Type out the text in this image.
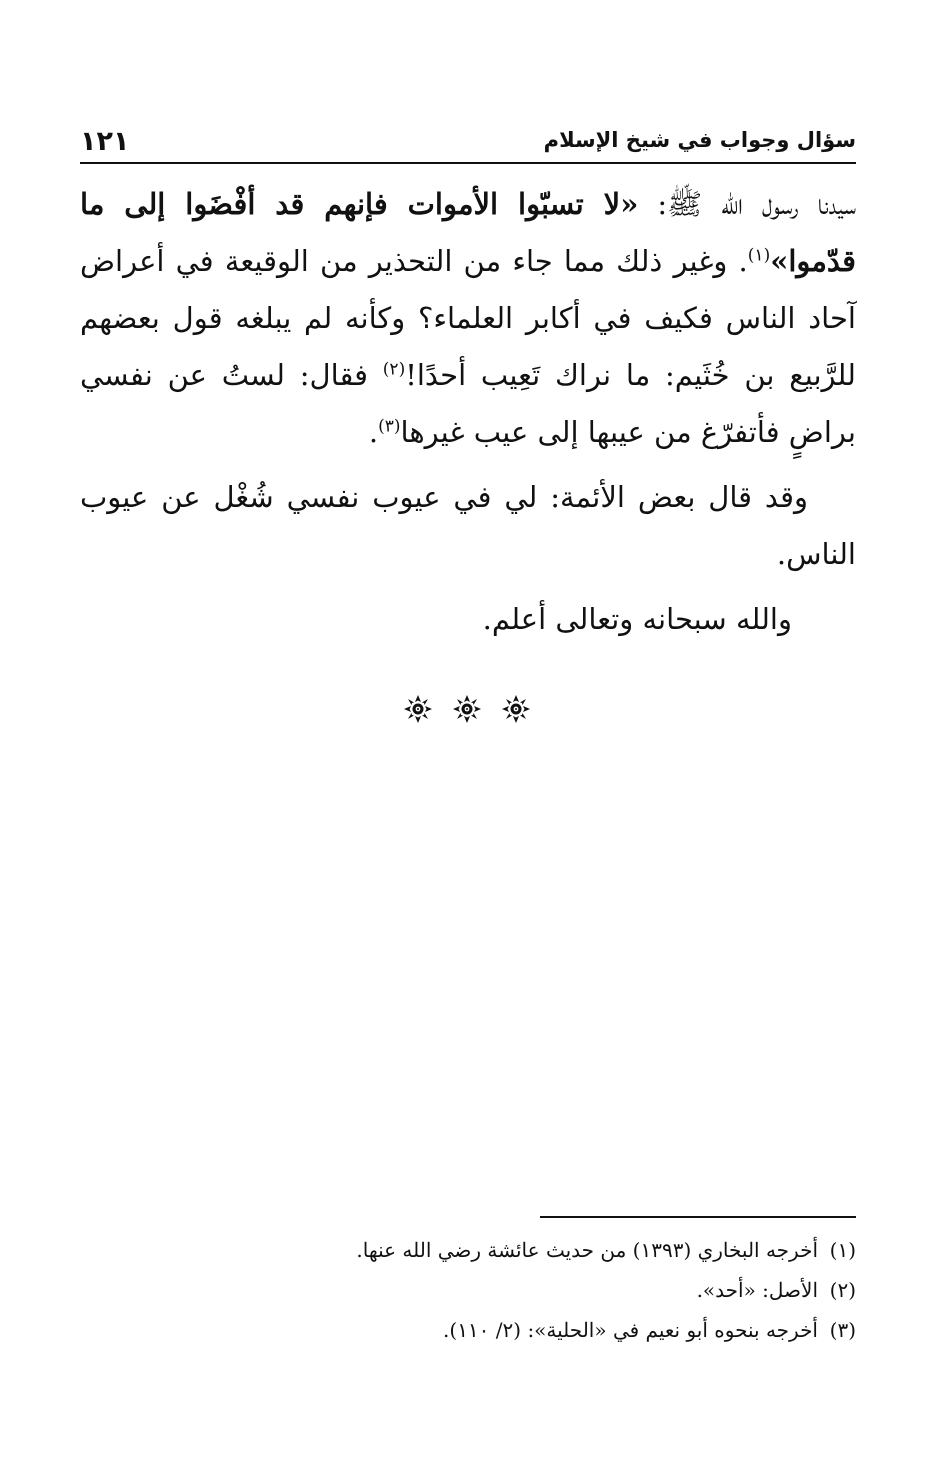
سؤال وجواب في شيخ الإسلام
١٢١

سيدنا رسول الله ﷺ: «لا تسبّوا الأموات فإنهم قد أفْضَوا إلى ما قدّموا»$^{(١)}$. وغير ذلك مما جاء من التحذير من الوقيعة في أعراض آحاد الناس فكيف في أكابر العلماء؟ وكأنه لم يبلغه قول بعضهم للرَّبيع بن خُثَيم: ما نراك تَعِيب أحدًا!$^{(٢)}$ فقال: لستُ عن نفسي براضٍ فأتفرّغ من عيبها إلى عيب غيرها$^{(٣)}$.

وقد قال بعض الأئمة: لي في عيوب نفسي شُغْل عن عيوب الناس.

والله سبحانه وتعالى أعلم.

(١)أخرجه البخاري (١٣٩٣) من حديث عائشة رضي الله عنها.

(٢)الأصل: «أحد».

(٣)أخرجه بنحوه أبو نعيم في «الحلية»: (٢/ ١١٠).
